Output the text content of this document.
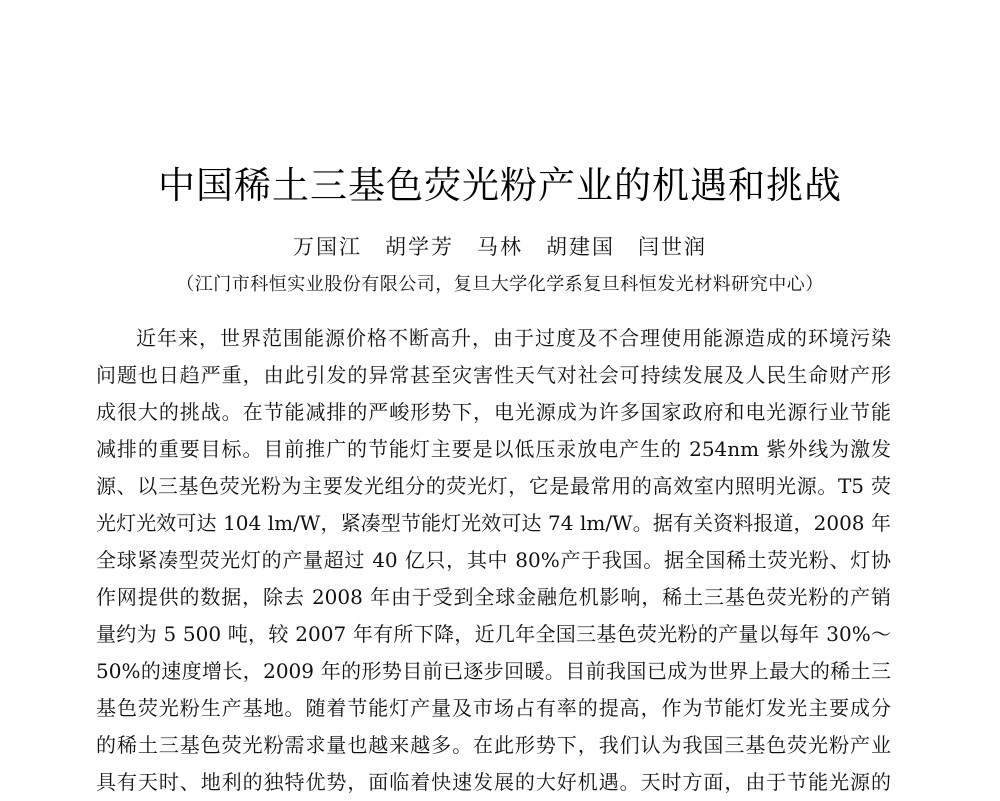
中国稀土三基色荧光粉产业的机遇和挑战
万国江　胡学芳　马林　胡建国　闫世润
（江门市科恒实业股份有限公司，复旦大学化学系复旦科恒发光材料研究中心）
近年来，世界范围能源价格不断高升，由于过度及不合理使用能源造成的环境污染
问题也日趋严重，由此引发的异常甚至灾害性天气对社会可持续发展及人民生命财产形
成很大的挑战。在节能减排的严峻形势下，电光源成为许多国家政府和电光源行业节能
减排的重要目标。目前推广的节能灯主要是以低压汞放电产生的 254nm 紫外线为激发
源、以三基色荧光粉为主要发光组分的荧光灯，它是最常用的高效室内照明光源。T5 荧
光灯光效可达 104 lm/W，紧凑型节能灯光效可达 74 lm/W。据有关资料报道，2008 年
全球紧凑型荧光灯的产量超过 40 亿只，其中 80%产于我国。据全国稀土荧光粉、灯协
作网提供的数据，除去 2008 年由于受到全球金融危机影响，稀土三基色荧光粉的产销
量约为 5 500 吨，较 2007 年有所下降，近几年全国三基色荧光粉的产量以每年 30%～
50%的速度增长，2009 年的形势目前已逐步回暖。目前我国已成为世界上最大的稀土三
基色荧光粉生产基地。随着节能灯产量及市场占有率的提高，作为节能灯发光主要成分
的稀土三基色荧光粉需求量也越来越多。在此形势下，我们认为我国三基色荧光粉产业
具有天时、地利的独特优势，面临着快速发展的大好机遇。天时方面，由于节能光源的
